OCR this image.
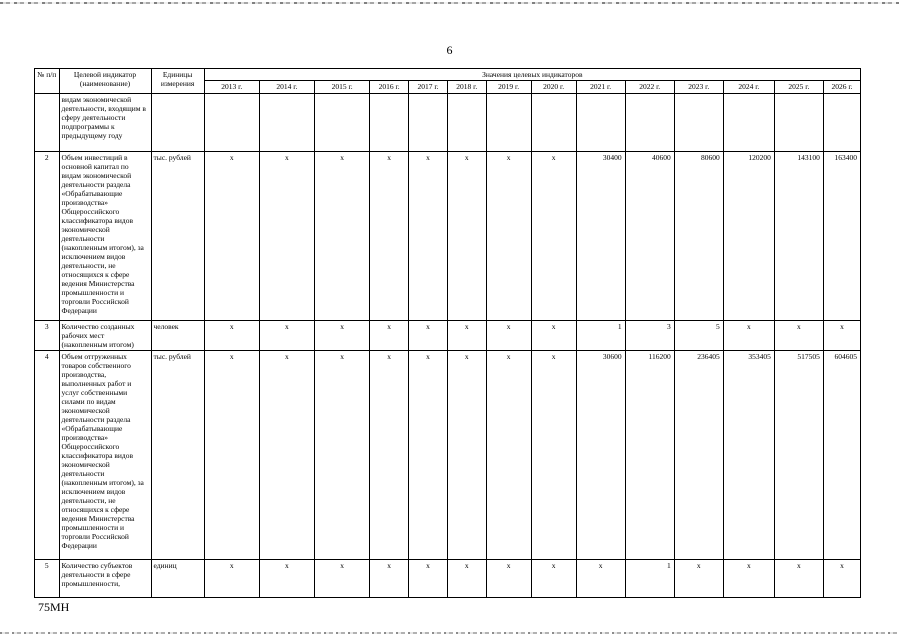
6
№ п/п	Целевой индикатор (наименование)	Единицы измерения	Значения целевых индикаторов													
			2013 г.	2014 г.	2015 г.	2016 г.	2017 г.	2018 г.	2019 г.	2020 г.	2021 г.	2022 г.	2023 г.	2024 г.	2025 г.	2026 г.
	видам экономической деятельности, входящим в сферу деятельности подпрограммы к предыдущему году															
2	Объем инвестиций в основной капитал по видам экономической деятельности раздела «Обрабатывающие производства» Общероссийского классификатора видов экономической деятельности (накопленным итогом), за исключением видов деятельности, не относящихся к сфере ведения Министерства промышленности и торговли Российской Федерации	тыс. рублей	х	х	х	х	х	х	х	х	30400	40600	80600	120200	143100	163400
3	Количество созданных рабочих мест (накопленным итогом)	человек	х	х	х	х	х	х	х	х	1	3	5	х	х	х
4	Объем отгруженных товаров собственного производства, выполненных работ и услуг собственными силами по видам экономической деятельности раздела «Обрабатывающие производства» Общероссийского классификатора видов экономической деятельности (накопленным итогом), за исключением видов деятельности, не относящихся к сфере ведения Министерства промышленности и торговли Российской Федерации	тыс. рублей	х	х	х	х	х	х	х	х	30600	116200	236405	353405	517505	604605
5	Количество субъектов деятельности в сфере промышленности,	единиц	х	х	х	х	х	х	х	х	х	1	х	х	х	х
75МН
